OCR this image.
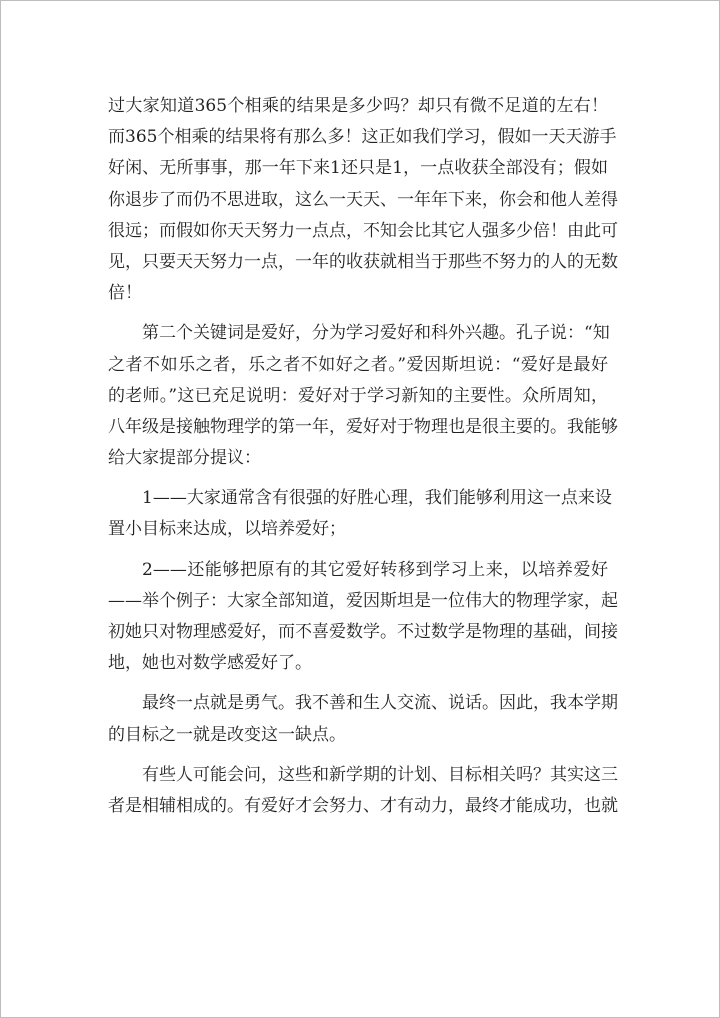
过大家知道365个相乘的结果是多少吗？却只有微不足道的左右！
而365个相乘的结果将有那么多！这正如我们学习，假如一天天游手
好闲、无所事事，那一年下来1还只是1，一点收获全部没有；假如
你退步了而仍不思进取，这么一天天、一年年下来，你会和他人差得
很远；而假如你天天努力一点点，不知会比其它人强多少倍！由此可
见，只要天天努力一点，一年的收获就相当于那些不努力的人的无数
倍！
第二个关键词是爱好，分为学习爱好和科外兴趣。孔子说：“知
之者不如乐之者，乐之者不如好之者。”爱因斯坦说：“爱好是最好
的老师。”这已充足说明：爱好对于学习新知的主要性。众所周知，
八年级是接触物理学的第一年，爱好对于物理也是很主要的。我能够
给大家提部分提议：
1——大家通常含有很强的好胜心理，我们能够利用这一点来设
置小目标来达成，以培养爱好；
2——还能够把原有的其它爱好转移到学习上来，以培养爱好
——举个例子：大家全部知道，爱因斯坦是一位伟大的物理学家，起
初她只对物理感爱好，而不喜爱数学。不过数学是物理的基础，间接
地，她也对数学感爱好了。
最终一点就是勇气。我不善和生人交流、说话。因此，我本学期
的目标之一就是改变这一缺点。
有些人可能会问，这些和新学期的计划、目标相关吗？其实这三
者是相辅相成的。有爱好才会努力、才有动力，最终才能成功，也就
